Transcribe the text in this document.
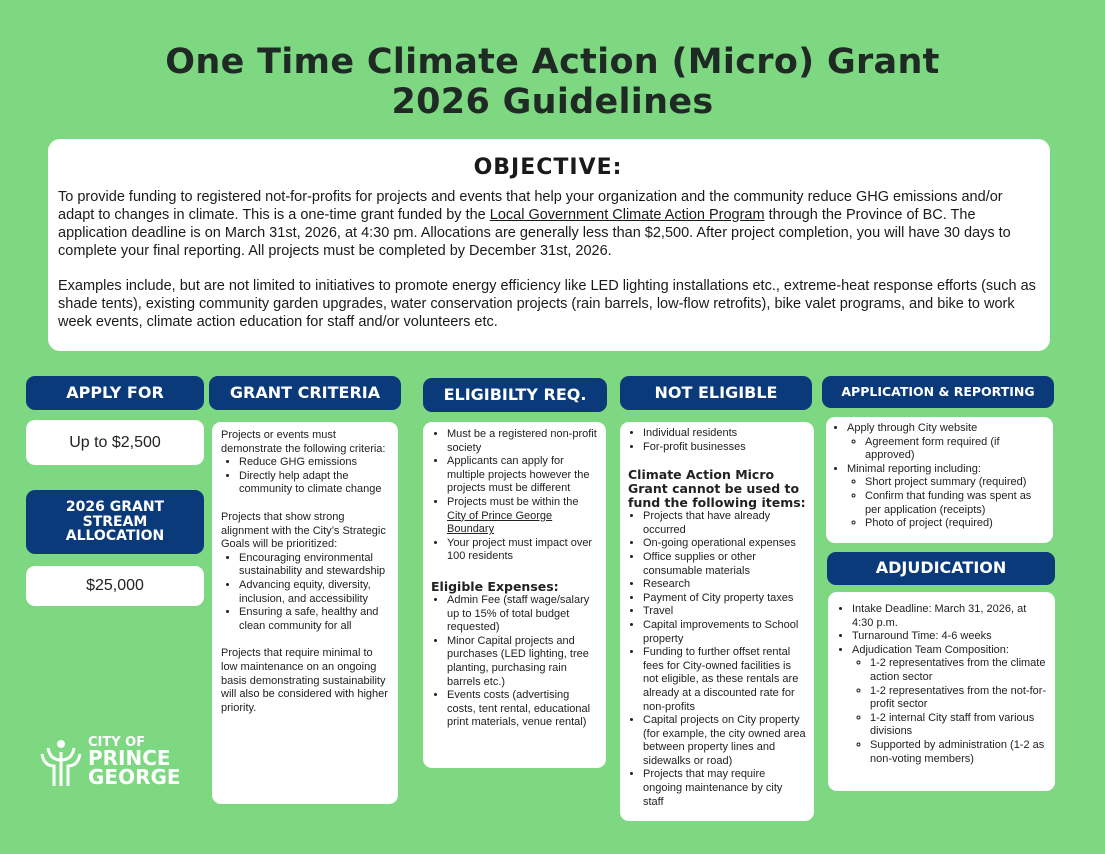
One Time Climate Action (Micro) Grant
2026 Guidelines
OBJECTIVE:

To provide funding to registered not-for-profits for projects and events that help your organization and the community reduce GHG emissions and/or adapt to changes in climate. This is a one-time grant funded by the Local Government Climate Action Program through the Province of BC. The application deadline is on March 31st, 2026, at 4:30 pm. Allocations are generally less than $2,500. After project completion, you will have 30 days to complete your final reporting. All projects must be completed by December 31st, 2026.

Examples include, but are not limited to initiatives to promote energy efficiency like LED lighting installations etc., extreme-heat response efforts (such as shade tents), existing community garden upgrades, water conservation projects (rain barrels, low-flow retrofits), bike valet programs, and bike to work week events, climate action education for staff and/or volunteers etc.

APPLY FOR
Up to $2,500
2026 GRANT STREAM ALLOCATION
$25,000
CITY OF
PRINCE
GEORGE
GRANT CRITERIA
Projects or events must demonstrate the following criteria:
• Reduce GHG emissions
• Directly help adapt the community to climate change
Projects that show strong alignment with the City’s Strategic Goals will be prioritized:
• Encouraging environmental sustainability and stewardship
• Advancing equity, diversity, inclusion, and accessibility
• Ensuring a safe, healthy and clean community for all
Projects that require minimal to low maintenance on an ongoing basis demonstrating sustainability will also be considered with higher priority.
ELIGIBILTY REQ.
• Must be a registered non-profit society
• Applicants can apply for multiple projects however the projects must be different
• Projects must be within the City of Prince George Boundary
• Your project must impact over 100 residents
Eligible Expenses:
• Admin Fee (staff wage/salary up to 15% of total budget requested)
• Minor Capital projects and purchases (LED lighting, tree planting, purchasing rain barrels etc.)
• Events costs (advertising costs, tent rental, educational print materials, venue rental)
NOT ELIGIBLE
• Individual residents
• For-profit businesses
Climate Action Micro Grant cannot be used to fund the following items:
• Projects that have already occurred
• On-going operational expenses
• Office supplies or other consumable materials
• Research
• Payment of City property taxes
• Travel
• Capital improvements to School property
• Funding to further offset rental fees for City-owned facilities is not eligible, as these rentals are already at a discounted rate for non-profits
• Capital projects on City property (for example, the city owned area between property lines and sidewalks or road)
• Projects that may require ongoing maintenance by city staff
APPLICATION & REPORTING
• Apply through City website
◦ Agreement form required (if approved)
• Minimal reporting including:
◦ Short project summary (required)
◦ Confirm that funding was spent as per application (receipts)
◦ Photo of project (required)
ADJUDICATION
• Intake Deadline: March 31, 2026, at 4:30 p.m.
• Turnaround Time: 4-6 weeks
• Adjudication Team Composition:
◦ 1-2 representatives from the climate action sector
◦ 1-2 representatives from the not-for-profit sector
◦ 1-2 internal City staff from various divisions
◦ Supported by administration (1-2 as non-voting members)
